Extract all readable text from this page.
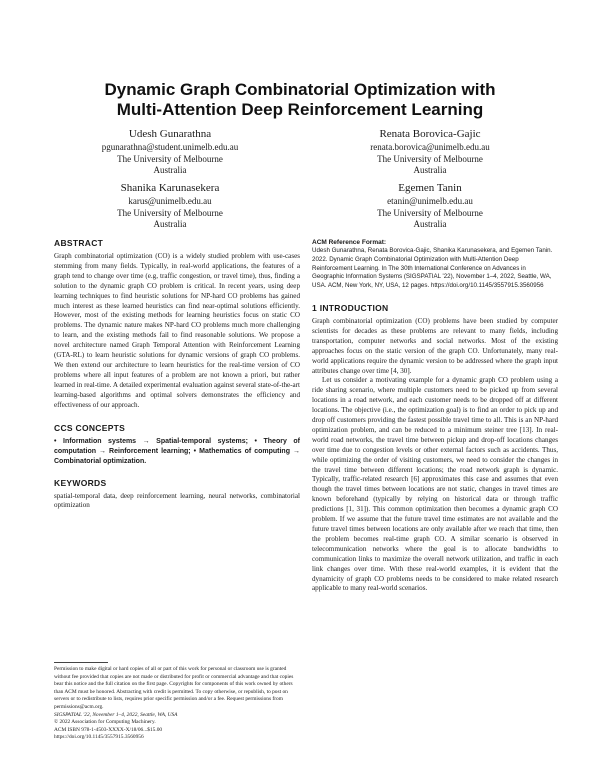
Dynamic Graph Combinatorial Optimization with
Multi-Attention Deep Reinforcement Learning
Udesh Gunarathna
pgunarathna@student.unimelb.edu.au
The University of Melbourne
Australia
Renata Borovica-Gajic
renata.borovica@unimelb.edu.au
The University of Melbourne
Australia
Shanika Karunasekera
karus@unimelb.edu.au
The University of Melbourne
Australia
Egemen Tanin
etanin@unimelb.edu.au
The University of Melbourne
Australia
ABSTRACT
Graph combinatorial optimization (CO) is a widely studied problem with use-cases stemming from many fields. Typically, in real-world applications, the features of a graph tend to change over time (e.g, traffic congestion, or travel time), thus, finding a solution to the dynamic graph CO problem is critical. In recent years, using deep learning techniques to find heuristic solutions for NP-hard CO problems has gained much interest as these learned heuristics can find near-optimal solutions efficiently. However, most of the existing methods for learning heuristics focus on static CO problems. The dynamic nature makes NP-hard CO problems much more challenging to learn, and the existing methods fail to find reasonable solutions. We propose a novel architecture named Graph Temporal Attention with Reinforcement Learning (GTA-RL) to learn heuristic solutions for dynamic versions of graph CO problems. We then extend our architecture to learn heuristics for the real-time version of CO problems where all input features of a problem are not known a priori, but rather learned in real-time. A detailed experimental evaluation against several state-of-the-art learning-based algorithms and optimal solvers demonstrates the efficiency and effectiveness of our approach.
CCS CONCEPTS
• Information systems → Spatial-temporal systems; • Theory of computation → Reinforcement learning; • Mathematics of computing → Combinatorial optimization.
KEYWORDS
spatial-temporal data, deep reinforcement learning, neural networks, combinatorial optimization
Permission to make digital or hard copies of all or part of this work for personal or classroom use is granted without fee provided that copies are not made or distributed for profit or commercial advantage and that copies bear this notice and the full citation on the first page. Copyrights for components of this work owned by others than ACM must be honored. Abstracting with credit is permitted. To copy otherwise, or republish, to post on servers or to redistribute to lists, requires prior specific permission and/or a fee. Request permissions from permissions@acm.org.
SIGSPATIAL '22, November 1–4, 2022, Seattle, WA, USA
© 2022 Association for Computing Machinery.
ACM ISBN 978-1-4503-XXXX-X/18/06...$15.00
https://doi.org/10.1145/3557915.3560956
ACM Reference Format:
Udesh Gunarathna, Renata Borovica-Gajic, Shanika Karunasekera, and Egemen Tanin. 2022. Dynamic Graph Combinatorial Optimization with Multi-Attention Deep Reinforcement Learning. In The 30th International Conference on Advances in Geographic Information Systems (SIGSPATIAL '22), November 1–4, 2022, Seattle, WA, USA. ACM, New York, NY, USA, 12 pages. https://doi.org/10.1145/3557915.3560956
1 INTRODUCTION
Graph combinatorial optimization (CO) problems have been studied by computer scientists for decades as these problems are relevant to many fields, including transportation, computer networks and social networks. Most of the existing approaches focus on the static version of the graph CO. Unfortunately, many real-world applications require the dynamic version to be addressed where the graph input attributes change over time [4, 30].
Let us consider a motivating example for a dynamic graph CO problem using a ride sharing scenario, where multiple customers need to be picked up from several locations in a road network, and each customer needs to be dropped off at different locations. The objective (i.e., the optimization goal) is to find an order to pick up and drop off customers providing the fastest possible travel time to all. This is an NP-hard optimization problem, and can be reduced to a minimum steiner tree [13]. In real-world road networks, the travel time between pickup and drop-off locations changes over time due to congestion levels or other external factors such as accidents. Thus, while optimizing the order of visiting customers, we need to consider the changes in the travel time between different locations; the road network graph is dynamic. Typically, traffic-related research [6] approximates this case and assumes that even though the travel times between locations are not static, changes in travel times are known beforehand (typically by relying on historical data or through traffic predictions [1, 31]). This common optimization then becomes a dynamic graph CO problem. If we assume that the future travel time estimates are not available and the future travel times between locations are only available after we reach that time, then the problem becomes real-time graph CO. A similar scenario is observed in telecommunication networks where the goal is to allocate bandwidths to communication links to maximize the overall network utilization, and traffic in each link changes over time. With these real-world examples, it is evident that the dynamicity of graph CO problems needs to be considered to make related research applicable to many real-world scenarios.
